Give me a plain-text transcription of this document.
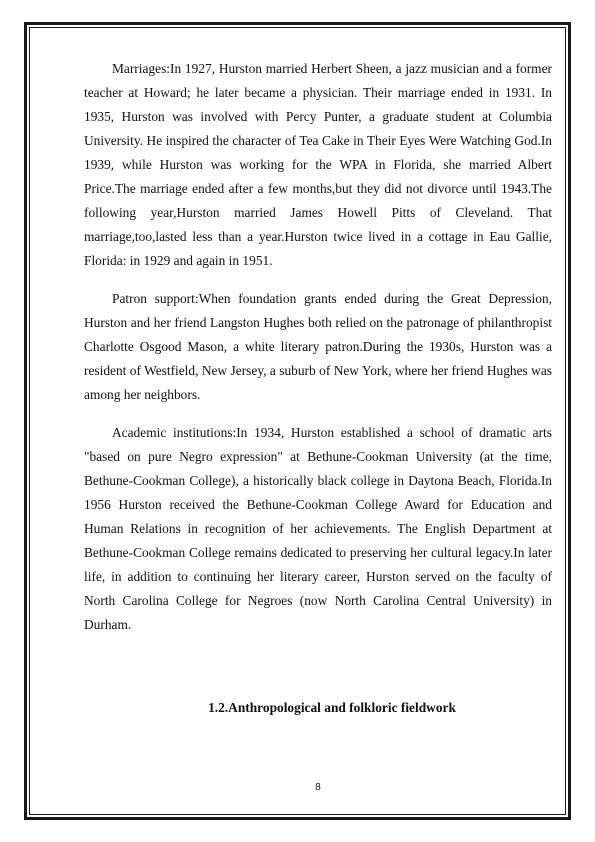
Marriages:In 1927, Hurston married Herbert Sheen, a jazz musician and a former teacher at Howard; he later became a physician. Their marriage ended in 1931. In 1935, Hurston was involved with Percy Punter, a graduate student at Columbia University. He inspired the character of Tea Cake in Their Eyes Were Watching God.In 1939, while Hurston was working for the WPA in Florida, she married Albert Price.The marriage ended after a few months,but they did not divorce until 1943.The following year,Hurston married James Howell Pitts of Cleveland. That marriage,too,lasted less than a year.Hurston twice lived in a cottage in Eau Gallie, Florida: in 1929 and again in 1951.

Patron support:When foundation grants ended during the Great Depression, Hurston and her friend Langston Hughes both relied on the patronage of philanthropist Charlotte Osgood Mason, a white literary patron.During the 1930s, Hurston was a resident of Westfield, New Jersey, a suburb of New York, where her friend Hughes was among her neighbors.

Academic institutions:In 1934, Hurston established a school of dramatic arts "based on pure Negro expression" at Bethune-Cookman University (at the time, Bethune-Cookman College), a historically black college in Daytona Beach, Florida.In 1956 Hurston received the Bethune-Cookman College Award for Education and Human Relations in recognition of her achievements. The English Department at Bethune-Cookman College remains dedicated to preserving her cultural legacy.In later life, in addition to continuing her literary career, Hurston served on the faculty of North Carolina College for Negroes (now North Carolina Central University) in Durham.

1.2.Anthropological and folkloric fieldwork
8
